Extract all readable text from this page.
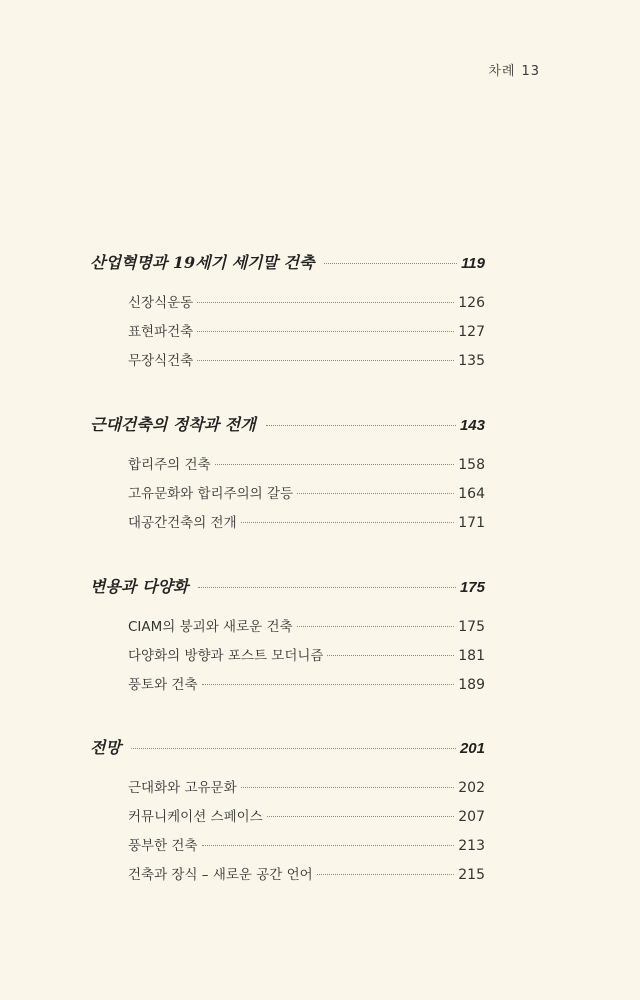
차례 13
산업혁명과 19세기 세기말 건축	119
신장식운동	126
표현파건축	127
무장식건축	135
근대건축의 정착과 전개	143
합리주의 건축	158
고유문화와 합리주의의 갈등	164
대공간건축의 전개	171
변용과 다양화	175
CIAM의 붕괴와 새로운 건축	175
다양화의 방향과 포스트 모더니즘	181
풍토와 건축	189
전망	201
근대화와 고유문화	202
커뮤니케이션 스페이스	207
풍부한 건축	213
건축과 장식 – 새로운 공간 언어	215
